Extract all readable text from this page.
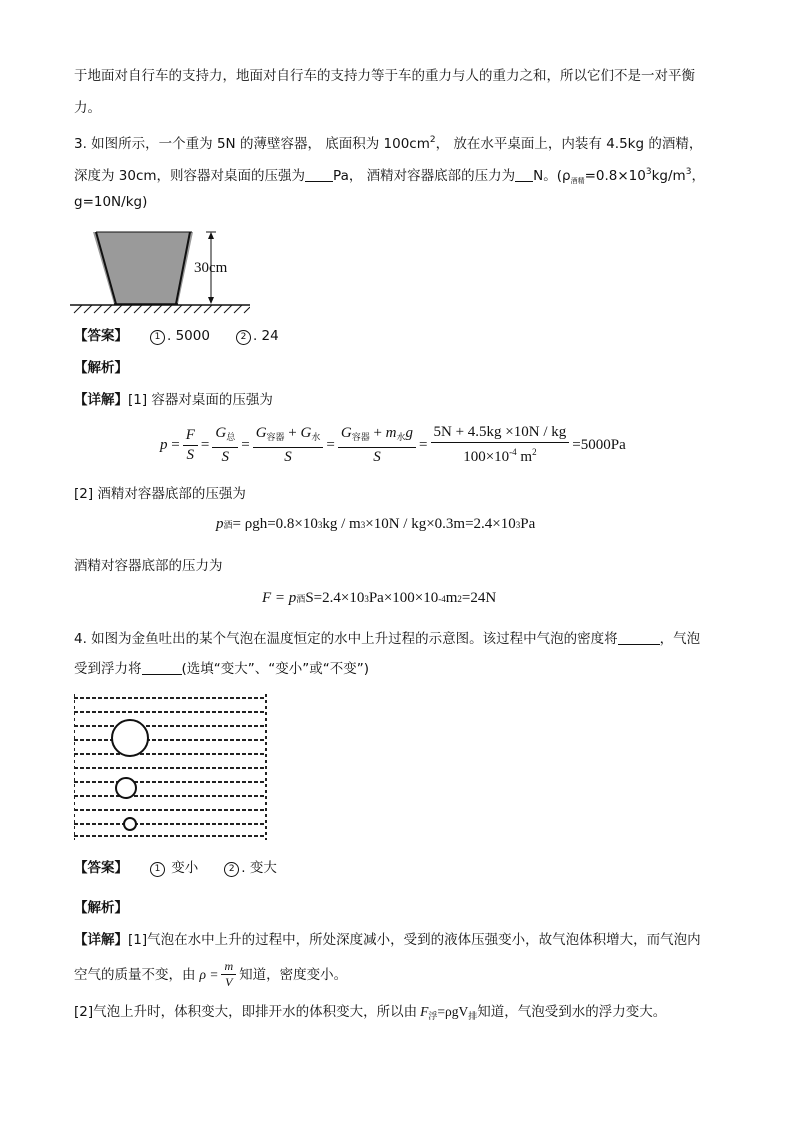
于地面对自行车的支持力，地面对自行车的支持力等于车的重力与人的重力之和，所以它们不是一对平衡
力。
3. 如图所示，一个重为 5N 的薄壁容器， 底面积为 $100cm^2$， 放在水平桌面上，内装有 4.5kg 的酒精，
深度为 30cm，则容器对桌面的压强为 Pa， 酒精对容器底部的压力为 N。($\rho_{酒精}=0.8\times 10^3kg/m^3$，
g=10N/kg)
30cm
【答案】	1 . 5000	2 . 24
【解析】
【详解】[1] 容器对桌面的压强为
$p = \frac{F}{S} = \frac{G_总}{S} = \frac{G_{容器} + G_水}{S} = \frac{G_{容器} + m_水g}{S} = \frac{5N + 4.5kg \times 10N / kg}{100\times 10^{-4} m^2} =5000Pa$
[2] 酒精对容器底部的压强为
p 酒 = ρgh=0.8×10 3 kg / m 3 ×10N / kg×0.3m=2.4×10 3 Pa
酒精对容器底部的压力为
F = p 酒 S=2.4×10 3 Pa×100×10 -4 m 2 =24N
4. 如图为金鱼吐出的某个气泡在温度恒定的水中上升过程的示意图。该过程中气泡的密度将	，气泡
受到浮力将	(选填“变大”、“变小”或“不变”)
【答案】	1 变小	2 . 变大
【解析】
【详解】[1]气泡在水中上升的过程中，所处深度减小，受到的液体压强变小，故气泡体积增大，而气泡内
空气的质量不变，由 $\rho = \frac{m}{V}$ 知道，密度变小。
[2]气泡上升时，体积变大，即排开水的体积变大，所以由 $F_浮=\rho gV_排$知道，气泡受到水的浮力变大。
